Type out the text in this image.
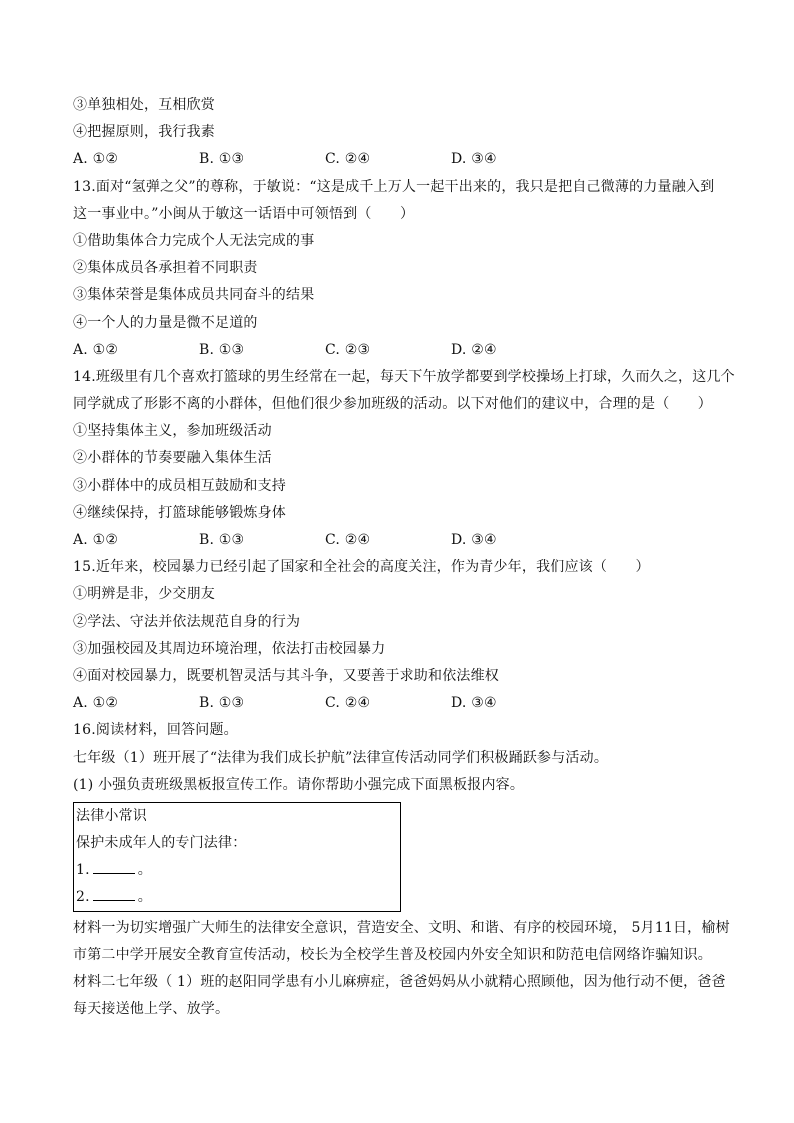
③单独相处，互相欣赏
④把握原则，我行我素
A. ①②	B. ①③	C. ②④	D. ③④
13.面对“氢弹之父”的尊称，于敏说：“这是成千上万人一起干出来的，我只是把自己微薄的力量融入到
这一事业中。”小闽从于敏这一话语中可领悟到（　　）
①借助集体合力完成个人无法完成的事
②集体成员各承担着不同职责
③集体荣誉是集体成员共同奋斗的结果
④一个人的力量是微不足道的
A. ①②	B. ①③	C. ②③	D. ②④
14.班级里有几个喜欢打篮球的男生经常在一起，每天下午放学都要到学校操场上打球，久而久之，这几个
同学就成了形影不离的小群体，但他们很少参加班级的活动。以下对他们的建议中，合理的是（　　）
①坚持集体主义，参加班级活动
②小群体的节奏要融入集体生活
③小群体中的成员相互鼓励和支持
④继续保持，打篮球能够锻炼身体
A. ①②	B. ①③	C. ②④	D. ③④
15.近年来，校园暴力已经引起了国家和全社会的高度关注，作为青少年，我们应该（　　）
①明辨是非，少交朋友
②学法、守法并依法规范自身的行为
③加强校园及其周边环境治理，依法打击校园暴力
④面对校园暴力，既要机智灵活与其斗争，又要善于求助和依法维权
A. ①②	B. ①③	C. ②④	D. ③④
16.阅读材料，回答问题。
七年级（1）班开展了“法律为我们成长护航”法律宣传活动同学们积极踊跃参与活动。
(1) 小强负责班级黑板报宣传工作。请你帮助小强完成下面黑板报内容。
法律小常识
保护未成年人的专门法律：
1.	。
2.	。
材料一为切实增强广大师生的法律安全意识，营造安全、文明、和谐、有序的校园环境， 5月11日，榆树
市第二中学开展安全教育宣传活动，校长为全校学生普及校园内外安全知识和防范电信网络诈骗知识。
材料二七年级（ 1）班的赵阳同学患有小儿麻痹症，爸爸妈妈从小就精心照顾他，因为他行动不便，爸爸
每天接送他上学、放学。
